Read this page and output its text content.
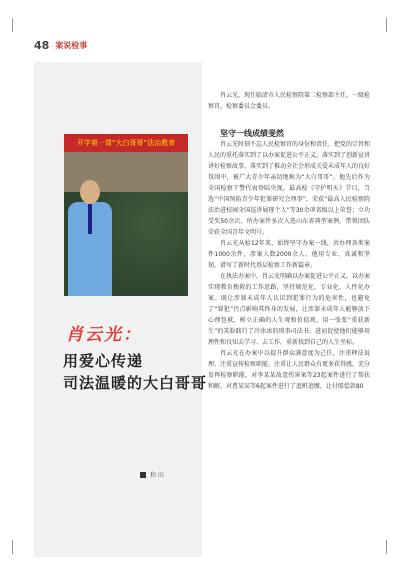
48 案说检事
开学第一课“大白哥哥”法治教育
肖云光：
用爱心传递
司法温暖的大白哥哥
和 田

肖云光，现任临清市人民检察院第二检察部主任，一级检察官，检察委员会委员。

坚守一线成绩斐然

肖云光时刻不忘人民检察官的身份和责任，把党的宗旨和人民的重托落实到了以办案促进公平正义，落实到了创新宣讲讲好检察故事，落实到了推动全社会形成关爱未成年人的良好氛围中，被广大青少年亲切地称为“大白哥哥”。他先后作为全国检察干警代表登陆央视，最高检《守护明天》节目，当选“中国预防青少年犯罪研究会理事”，荣获“最高人民检察院法治进校园全国巡讲展现个人”等30余项省级以上荣誉；立功受奖50余次，所办案件多次入选山东省典型案例，带领团队荣获全国青年文明号。

肖云光从检12年来，始终坚守办案一线，共办理各类案件1000余件，涉案人数2000余人。他用专业、真诚和坚韧，谱写了新时代基层检察工作新篇章。

在执法办案中，肖云光明确以办案促进公平正义、以办案实现教育挽救的工作思路，坚持规范化、专业化、人性化办案。既让涉罪未成年人认识到犯罪行为的危害性，也避免了“罪犯”污点影响其终身的发展，让涉罪未成年人能够放下心理包袱，树立正确的人生观和价值观，用一张张“重获新生”的笑脸践行了冷冰冰的刑事司法书。进而促使他们能够用理性和良知去学习、去工作，重新找到自己的人生坐标。

肖云光在办案中以提升群众满意度为己任，注重释法说理，注重宣传检察职能，注重让人民群众有更多获得感。充分发挥检察职能，对李某某故意伤害案等23起案件进行了帮扶和解，对曹某某等6起案件进行了追赃追缴，让付船偿款80
